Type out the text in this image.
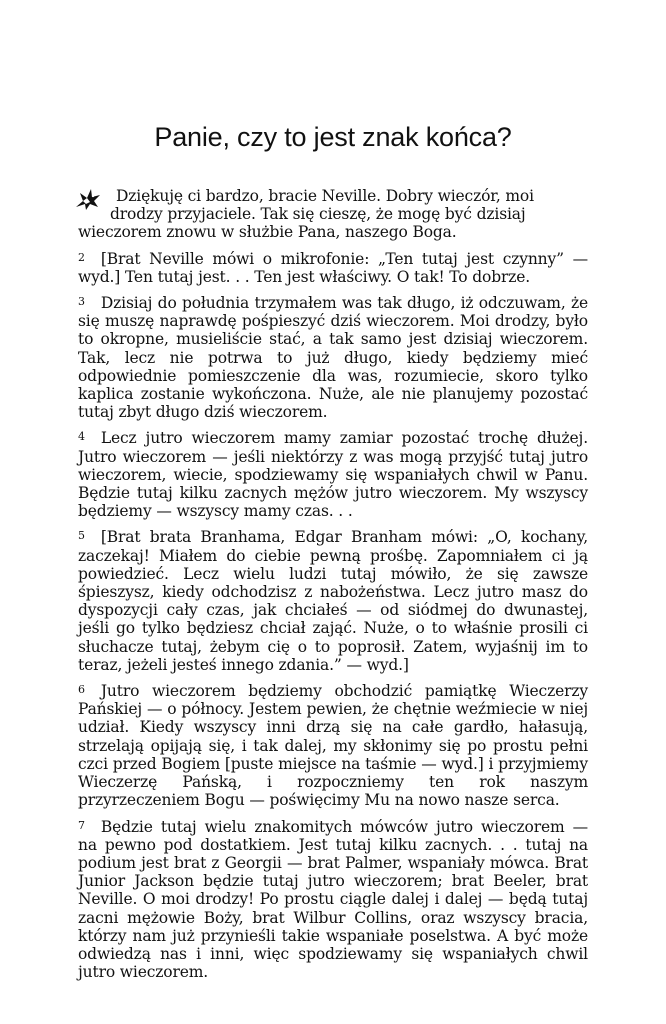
Panie, czy to jest znak końca?

Dziękuję ci bardzo, bracie Neville. Dobry wieczór, moi
drodzy przyjaciele. Tak się cieszę, że mogę być dzisiaj
wieczorem znowu w służbie Pana, naszego Boga.

2 [Brat Neville mówi o mikrofonie: „Ten tutaj jest czynny” — wyd.] Ten tutaj jest. . . Ten jest właściwy. O tak! To dobrze.

3 Dzisiaj do południa trzymałem was tak długo, iż odczuwam, że się muszę naprawdę pośpieszyć dziś wieczorem. Moi drodzy, było to okropne, musieliście stać, a tak samo jest dzisiaj wieczorem. Tak, lecz nie potrwa to już długo, kiedy będziemy mieć odpowiednie pomieszczenie dla was, rozumiecie, skoro tylko kaplica zostanie wykończona. Nuże, ale nie planujemy pozostać tutaj zbyt długo dziś wieczorem.

4 Lecz jutro wieczorem mamy zamiar pozostać trochę dłużej. Jutro wieczorem — jeśli niektórzy z was mogą przyjść tutaj jutro wieczorem, wiecie, spodziewamy się wspaniałych chwil w Panu. Będzie tutaj kilku zacnych mężów jutro wieczorem. My wszyscy będziemy — wszyscy mamy czas. . .

5 [Brat brata Branhama, Edgar Branham mówi: „O, kochany, zaczekaj! Miałem do ciebie pewną prośbę. Zapomniałem ci ją powiedzieć. Lecz wielu ludzi tutaj mówiło, że się zawsze śpieszysz, kiedy odchodzisz z nabożeństwa. Lecz jutro masz do dyspozycji cały czas, jak chciałeś — od siódmej do dwunastej, jeśli go tylko będziesz chciał zająć. Nuże, o to właśnie prosili ci słuchacze tutaj, żebym cię o to poprosił. Zatem, wyjaśnij im to teraz, jeżeli jesteś innego zdania.” — wyd.]

6 Jutro wieczorem będziemy obchodzić pamiątkę Wieczerzy Pańskiej — o północy. Jestem pewien, że chętnie weźmiecie w niej udział. Kiedy wszyscy inni drzą się na całe gardło, hałasują, strzelają opijają się, i tak dalej, my skłonimy się po prostu pełni czci przed Bogiem [puste miejsce na taśmie — wyd.] i przyjmiemy Wieczerzę Pańską, i rozpoczniemy ten rok naszym przyrzeczeniem Bogu — poświęcimy Mu na nowo nasze serca.

7 Będzie tutaj wielu znakomitych mówców jutro wieczorem — na pewno pod dostatkiem. Jest tutaj kilku zacnych. . . tutaj na podium jest brat z Georgii — brat Palmer, wspaniały mówca. Brat Junior Jackson będzie tutaj jutro wieczorem; brat Beeler, brat Neville. O moi drodzy! Po prostu ciągle dalej i dalej — będą tutaj zacni mężowie Boży, brat Wilbur Collins, oraz wszyscy bracia, którzy nam już przynieśli takie wspaniałe poselstwa. A być może odwiedzą nas i inni, więc spodziewamy się wspaniałych chwil jutro wieczorem.
